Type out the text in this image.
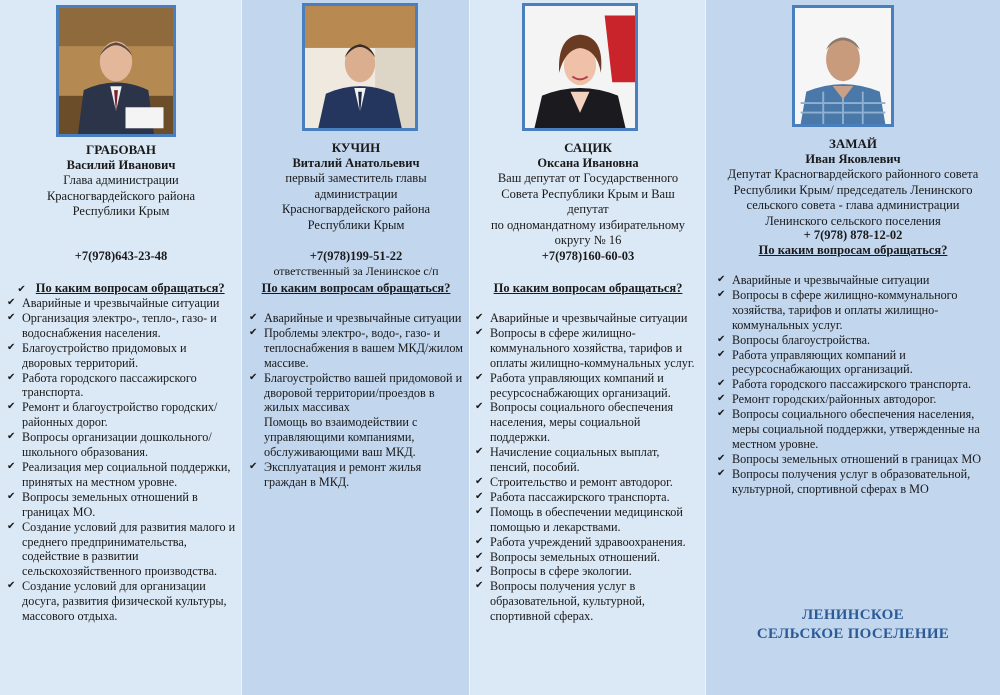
ГРАБОВАН
Василий Иванович
Глава администрации
Красногвардейского района
Республики Крым
+7(978)643-23-48
✔ По каким вопросам обращаться?
✔ Аварийные и чрезвычайные ситуации
✔ Организация электро-, тепло-, газо- и водоснабжения населения.
✔ Благоустройство придомовых и дворовых территорий.
✔ Работа городского пассажирского транспорта.
✔ Ремонт и благоустройство городских/районных дорог.
✔ Вопросы организации дошкольного/школьного образования.
✔ Реализация мер социальной поддержки, принятых на местном уровне.
✔ Вопросы земельных отношений в границах МО.
✔ Создание условий для развития малого и среднего предпринимательства, содействие в развитии сельскохозяйственного производства.
✔ Создание условий для организации досуга, развития физической культуры, массового отдыха.
КУЧИН
Виталий Анатольевич
первый заместитель главы
администрации
Красногвардейского района
Республики Крым
+7(978)199-51-22
ответственный за Ленинское с/п
По каким вопросам обращаться?
✔ Аварийные и чрезвычайные ситуации
✔ Проблемы электро-, водо-, газо- и теплоснабжения в вашем МКД/жилом массиве.
✔ Благоустройство вашей придомовой и дворовой территории/проездов в жилых массивах
Помощь во взаимодействии с управляющими компаниями, обслуживающими ваш МКД.
✔ Эксплуатация и ремонт жилья граждан в МКД.
САЦИК
Оксана Ивановна
Ваш депутат от Государственного
Совета Республики Крым и Ваш
депутат
по одномандатному избирательному
округу № 16
+7(978)160-60-03
По каким вопросам обращаться?
✔ Аварийные и чрезвычайные ситуации
✔ Вопросы в сфере жилищно-коммунального хозяйства, тарифов и оплаты жилищно-коммунальных услуг.
✔ Работа управляющих компаний и ресурсоснабжающих организаций.
✔ Вопросы социального обеспечения населения, меры социальной поддержки.
✔ Начисление социальных выплат, пенсий, пособий.
✔ Строительство и ремонт автодорог.
✔ Работа пассажирского транспорта.
✔ Помощь в обеспечении медицинской помощью и лекарствами.
✔ Работа учреждений здравоохранения.
✔ Вопросы земельных отношений.
✔ Вопросы в сфере экологии.
✔ Вопросы получения услуг в образовательной, культурной, спортивной сферах.
ЗАМАЙ
Иван Яковлевич
Депутат Красногвардейского районного совета
Республики Крым/ председатель Ленинского
сельского совета - глава администрации
Ленинского сельского поселения
+ 7(978) 878-12-02
По каким вопросам обращаться?
✔ Аварийные и чрезвычайные ситуации
✔ Вопросы в сфере жилищно-коммунального хозяйства, тарифов и оплаты жилищно-коммунальных услуг.
✔ Вопросы благоустройства.
✔ Работа управляющих компаний и ресурсоснабжающих организаций.
✔ Работа городского пассажирского транспорта.
✔ Ремонт городских/районных автодорог.
✔ Вопросы социального обеспечения населения, меры социальной поддержки, утвержденные на местном уровне.
✔ Вопросы земельных отношений в границах МО
✔ Вопросы получения услуг в образовательной, культурной, спортивной сферах в МО
ЛЕНИНСКОЕ
СЕЛЬСКОЕ ПОСЕЛЕНИЕ
